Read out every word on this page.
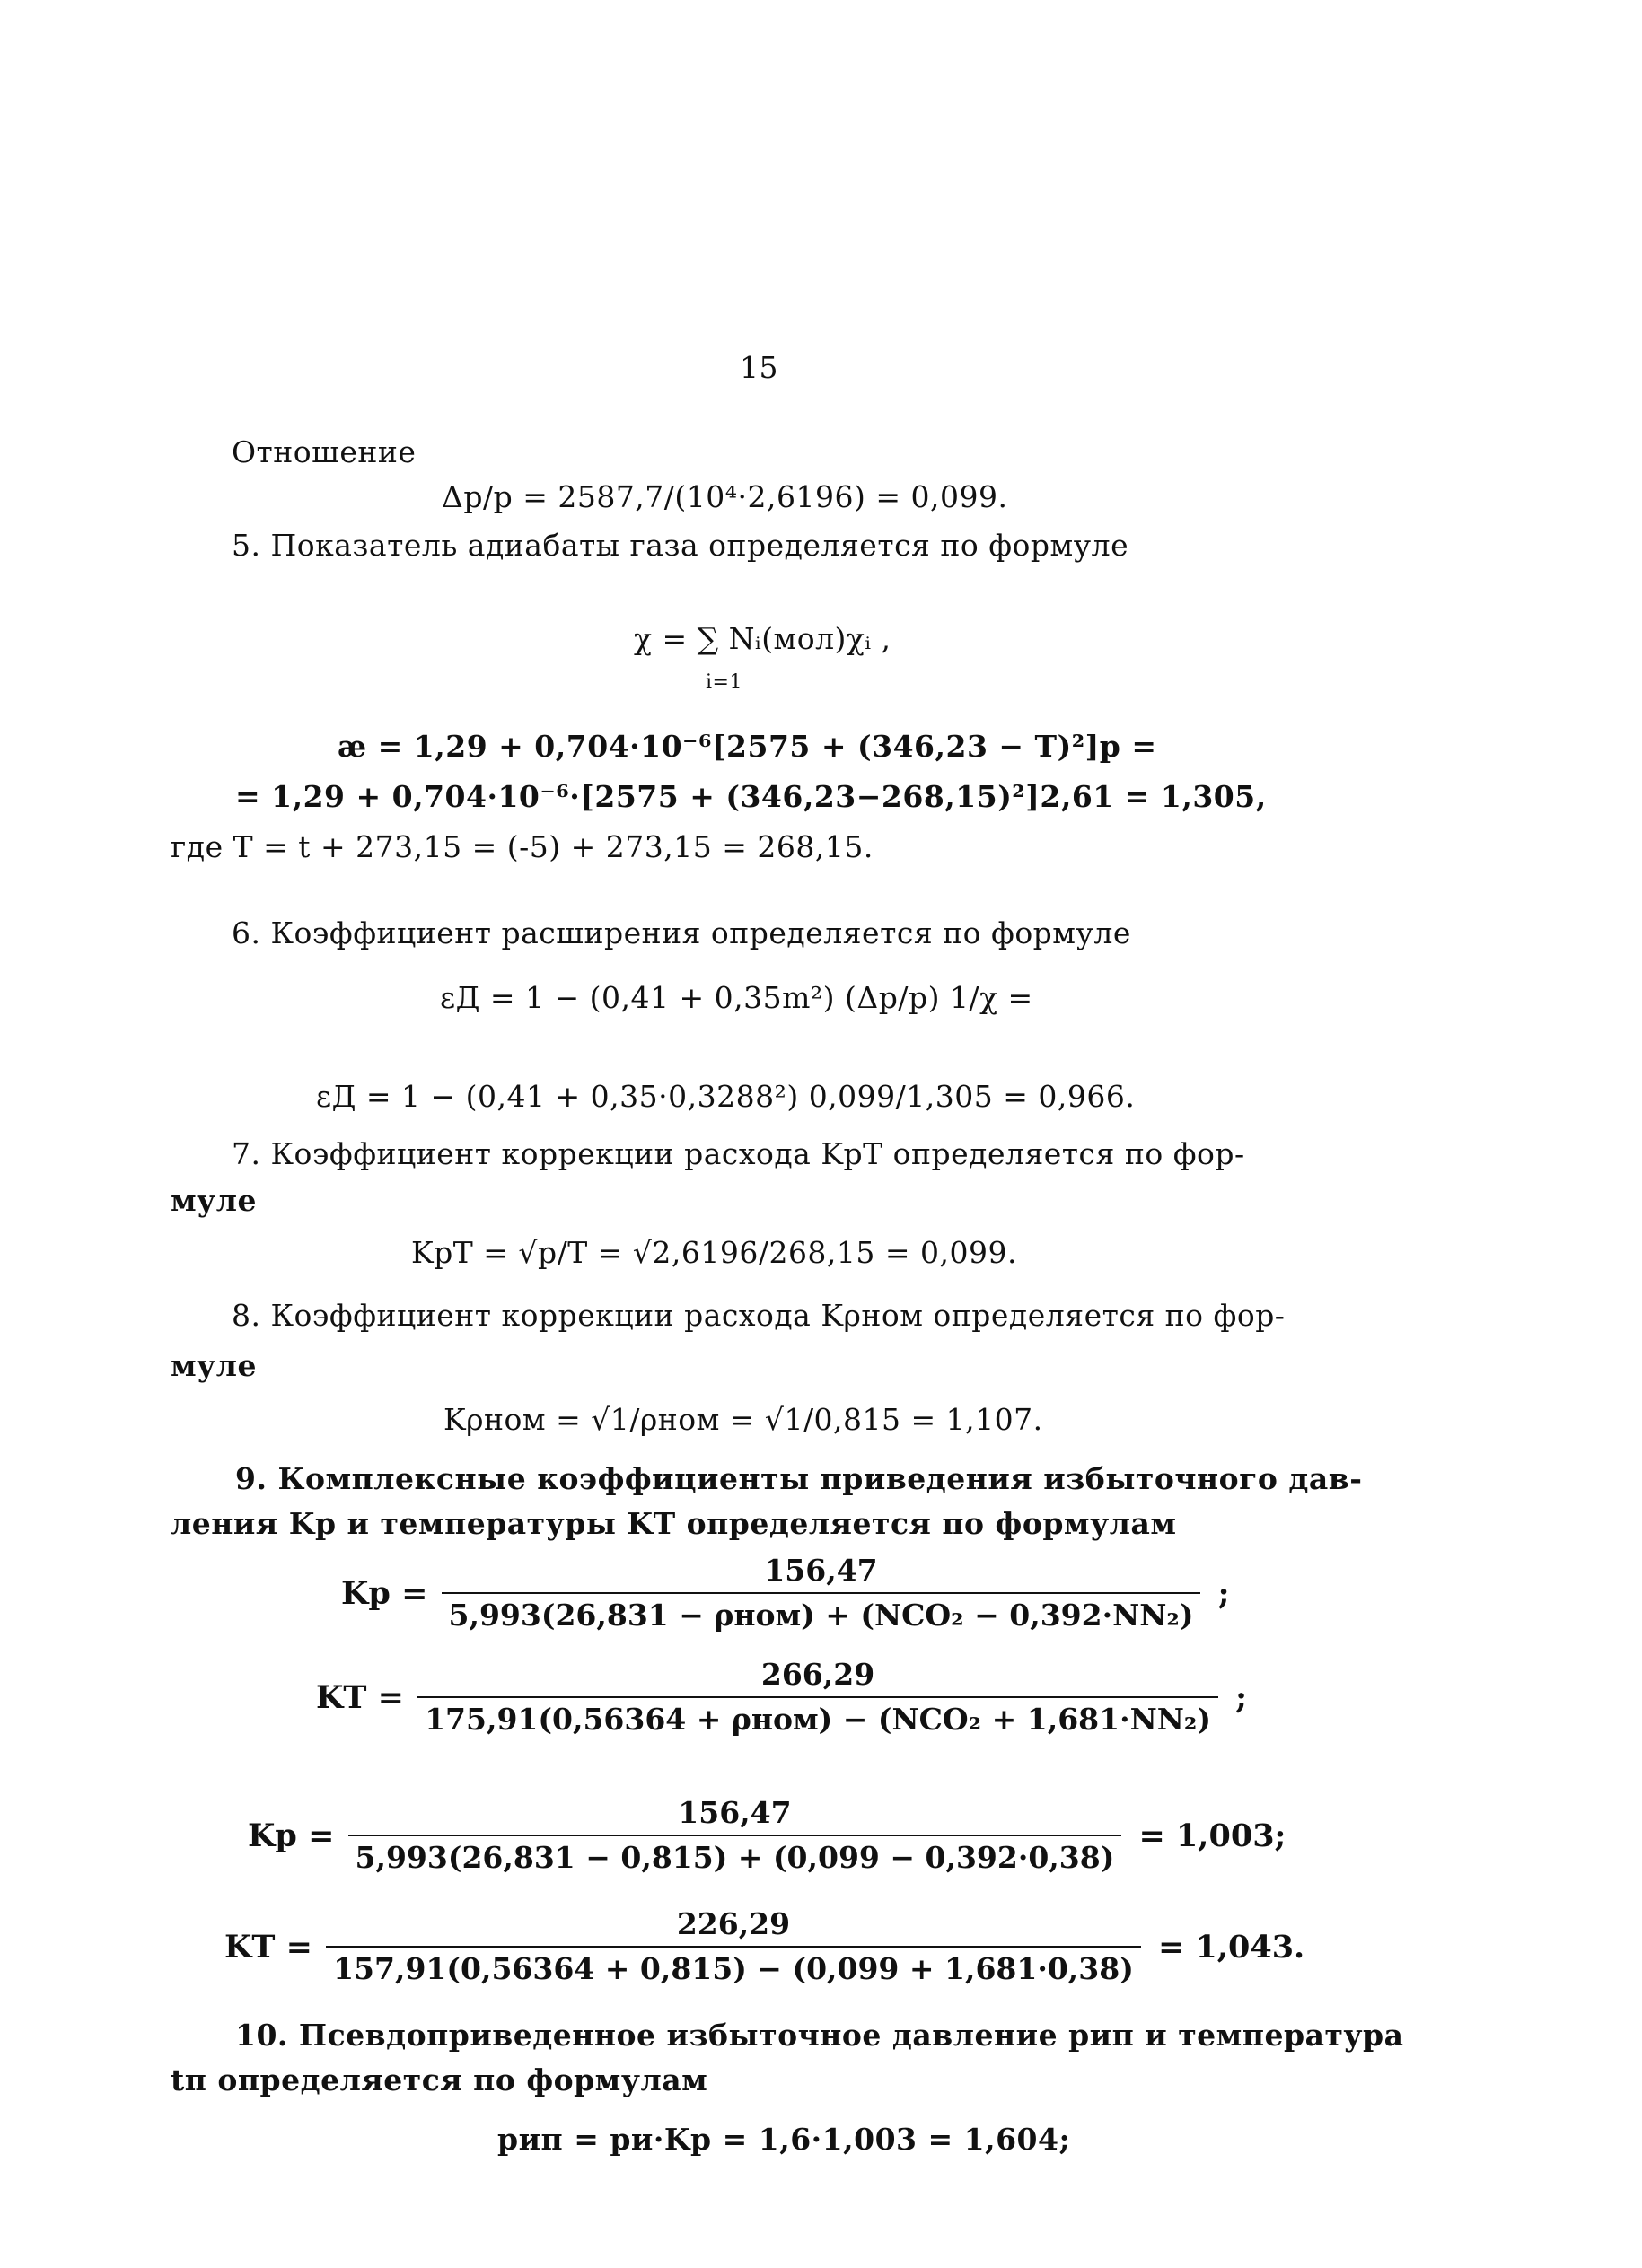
15
Отношение
Δp/p = 2587,7/(10⁴·2,6196) = 0,099.
5. Показатель адиабаты газа определяется по формуле
χ = ∑ Nᵢ(мол)χᵢ ,
i=1
æ = 1,29 + 0,704·10⁻⁶[2575 + (346,23 − T)²]p =
= 1,29 + 0,704·10⁻⁶·[2575 + (346,23−268,15)²]2,61 = 1,305,
где T = t + 273,15 = (-5) + 273,15 = 268,15.
6. Коэффициент расширения определяется по формуле
εД = 1 − (0,41 + 0,35m²) (Δp/p) 1/χ =
εД = 1 − (0,41 + 0,35·0,3288²) 0,099/1,305 = 0,966.
7. Коэффициент коррекции расхода KpT определяется по фор-
муле
KpT = √p/T = √2,6196/268,15 = 0,099.
8. Коэффициент коррекции расхода Kρном определяется по фор-
муле
Kρном = √1/ρном = √1/0,815 = 1,107.
9. Комплексные коэффициенты приведения избыточного дав-
ления Kp и температуры KT определяется по формулам
$Kp = \frac{156,47}{\text{5,993(26,831 − ρном) + (NCO₂ − 0,392·NN₂)}}$ ;
KT = $\frac{266,29}{\text{175,91(0,56364 + ρном) − (NCO₂ + 1,681·NN₂)}}$ ;
$Kp = \frac{156,47}{5,993(26,831 - 0,815) + (0,099 - 0,392\cdot 0,38)} = 1,003$;
KT = $\frac{226,29}{157,91(0,56364 + 0,815) - (0,099 + 1,681\cdot 0,38)} = 1,043$.
10. Псевдоприведенное избыточное давление pип и температура
tп определяется по формулам
pип = pи·Kp = 1,6·1,003 = 1,604;
